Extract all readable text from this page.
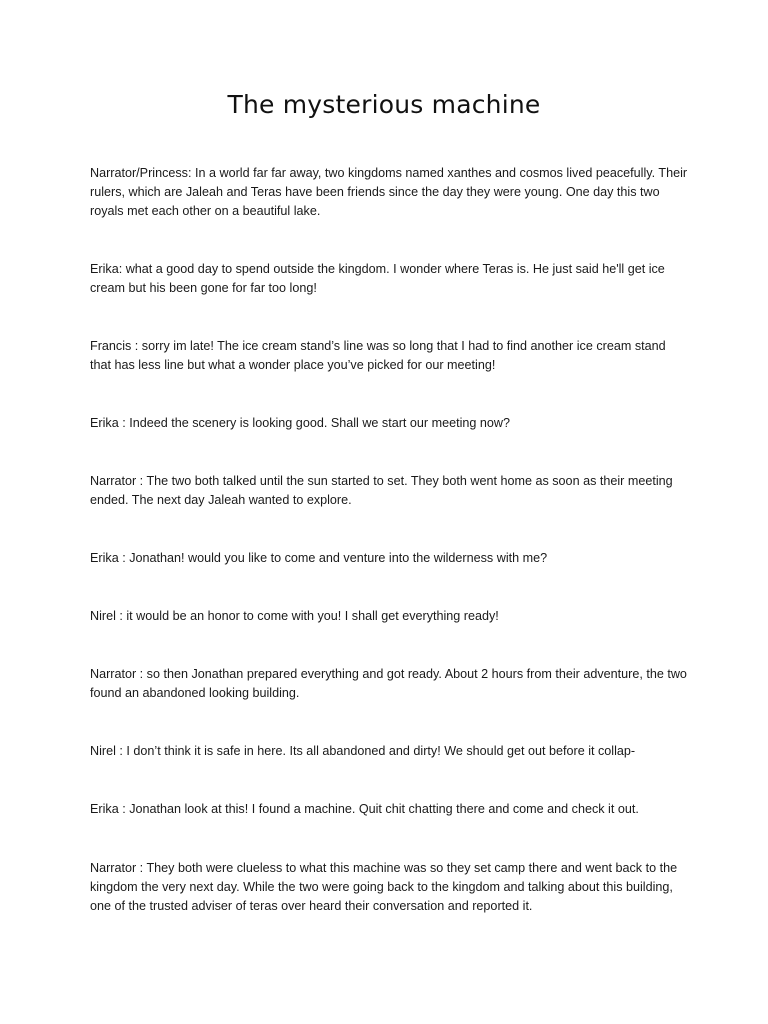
The mysterious machine

Narrator/Princess: In a world far far away, two kingdoms named xanthes and cosmos lived peacefully. Their rulers, which are Jaleah and Teras have been friends since the day they were young. One day this two royals met each other on a beautiful lake.

Erika: what a good day to spend outside the kingdom. I wonder where Teras is. He just said he'll get ice cream but his been gone for far too long!

Francis : sorry im late! The ice cream stand’s line was so long that I had to find another ice cream stand that has less line but what a wonder place you’ve picked for our meeting!

Erika : Indeed the scenery is looking good. Shall we start our meeting now?

Narrator : The two both talked until the sun started to set. They both went home as soon as their meeting ended. The next day Jaleah wanted to explore.

Erika : Jonathan! would you like to come and venture into the wilderness with me?

Nirel : it would be an honor to come with you! I shall get everything ready!

Narrator : so then Jonathan prepared everything and got ready. About 2 hours from their adventure, the two found an abandoned looking building.

Nirel : I don’t think it is safe in here. Its all abandoned and dirty! We should get out before it collap-

Erika : Jonathan look at this! I found a machine. Quit chit chatting there and come and check it out.

Narrator : They both were clueless to what this machine was so they set camp there and went back to the kingdom the very next day. While the two were going back to the kingdom and talking about this building, one of the trusted adviser of teras over heard their conversation and reported it.
